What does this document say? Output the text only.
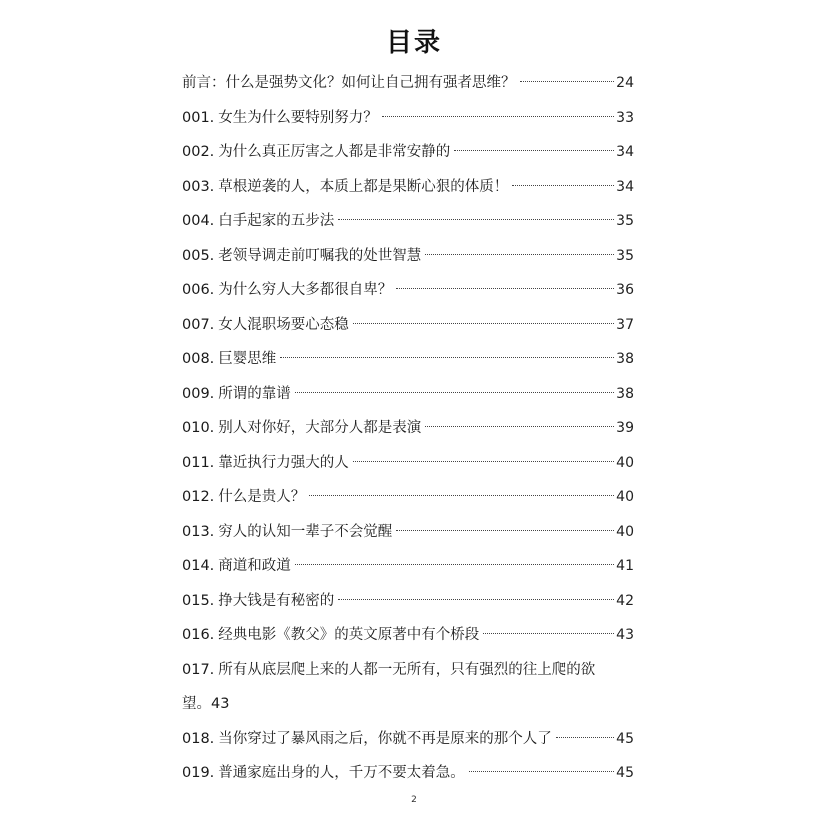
目录
前言：什么是强势文化？如何让自己拥有强者思维？	24
001. 女生为什么要特别努力？	33
002. 为什么真正厉害之人都是非常安静的	34
003. 草根逆袭的人，本质上都是果断心狠的体质！	34
004. 白手起家的五步法	35
005. 老领导调走前叮嘱我的处世智慧	35
006. 为什么穷人大多都很自卑？	36
007. 女人混职场要心态稳	37
008. 巨婴思维	38
009. 所谓的靠谱	38
010. 别人对你好，大部分人都是表演	39
011. 靠近执行力强大的人	40
012. 什么是贵人？	40
013. 穷人的认知一辈子不会觉醒	40
014. 商道和政道	41
015. 挣大钱是有秘密的	42
016. 经典电影《教父》的英文原著中有个桥段	43
017. 所有从底层爬上来的人都一无所有，只有强烈的往上爬的欲
望。43
018. 当你穿过了暴风雨之后，你就不再是原来的那个人了	45
019. 普通家庭出身的人，千万不要太着急。	45
2
